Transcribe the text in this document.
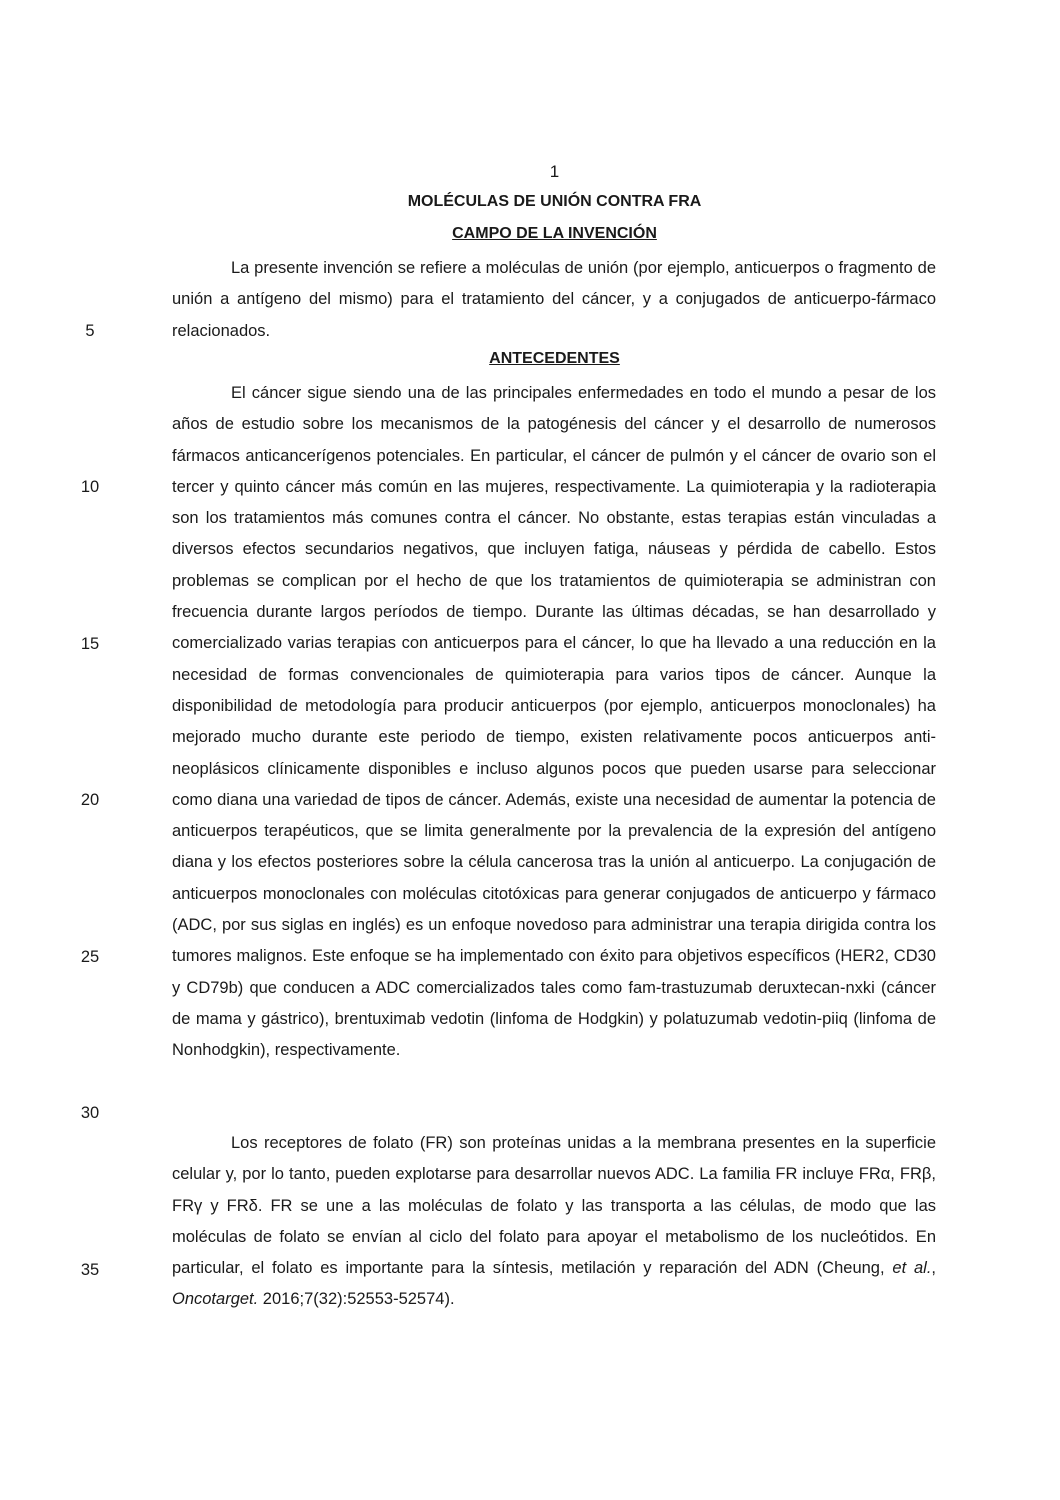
1
MOLÉCULAS DE UNIÓN CONTRA FRA
CAMPO DE LA INVENCIÓN

La presente invención se refiere a moléculas de unión (por ejemplo, anticuerpos o fragmento de unión a antígeno del mismo) para el tratamiento del cáncer, y a conjugados de anticuerpo-fármaco relacionados.

ANTECEDENTES

El cáncer sigue siendo una de las principales enfermedades en todo el mundo a pesar de los años de estudio sobre los mecanismos de la patogénesis del cáncer y el desarrollo de numerosos fármacos anticancerígenos potenciales. En particular, el cáncer de pulmón y el cáncer de ovario son el tercer y quinto cáncer más común en las mujeres, respectivamente. La quimioterapia y la radioterapia son los tratamientos más comunes contra el cáncer. No obstante, estas terapias están vinculadas a diversos efectos secundarios negativos, que incluyen fatiga, náuseas y pérdida de cabello. Estos problemas se complican por el hecho de que los tratamientos de quimioterapia se administran con frecuencia durante largos períodos de tiempo. Durante las últimas décadas, se han desarrollado y comercializado varias terapias con anticuerpos para el cáncer, lo que ha llevado a una reducción en la necesidad de formas convencionales de quimioterapia para varios tipos de cáncer. Aunque la disponibilidad de metodología para producir anticuerpos (por ejemplo, anticuerpos monoclonales) ha mejorado mucho durante este periodo de tiempo, existen relativamente pocos anticuerpos anti-neoplásicos clínicamente disponibles e incluso algunos pocos que pueden usarse para seleccionar como diana una variedad de tipos de cáncer. Además, existe una necesidad de aumentar la potencia de anticuerpos terapéuticos, que se limita generalmente por la prevalencia de la expresión del antígeno diana y los efectos posteriores sobre la célula cancerosa tras la unión al anticuerpo. La conjugación de anticuerpos monoclonales con moléculas citotóxicas para generar conjugados de anticuerpo y fármaco (ADC, por sus siglas en inglés) es un enfoque novedoso para administrar una terapia dirigida contra los tumores malignos. Este enfoque se ha implementado con éxito para objetivos específicos (HER2, CD30 y CD79b) que conducen a ADC comercializados tales como fam-trastuzumab deruxtecan-nxki (cáncer de mama y gástrico), brentuximab vedotin (linfoma de Hodgkin) y polatuzumab vedotin-piiq (linfoma de Nonhodgkin), respectivamente.

Los receptores de folato (FR) son proteínas unidas a la membrana presentes en la superficie celular y, por lo tanto, pueden explotarse para desarrollar nuevos ADC. La familia FR incluye FRα, FRβ, FRγ y FRδ. FR se une a las moléculas de folato y las transporta a las células, de modo que las moléculas de folato se envían al ciclo del folato para apoyar el metabolismo de los nucleótidos. En particular, el folato es importante para la síntesis, metilación y reparación del ADN (Cheung, et al., Oncotarget. 2016;7(32):52553-52574).

5
10
15
20
25
30
35
